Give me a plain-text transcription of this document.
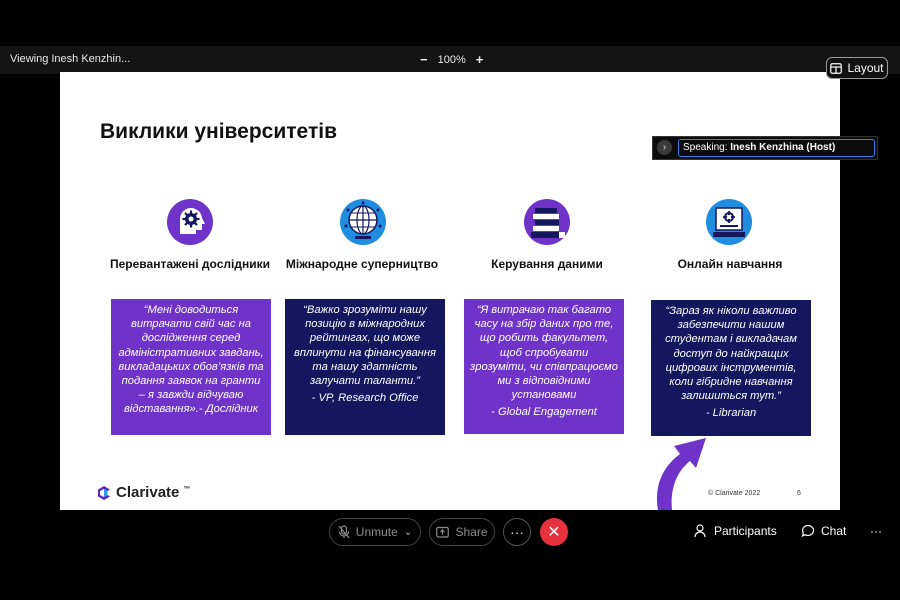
Viewing Inesh Kenzhin...	− 100% +
Виклики університетів
Перевантажені дослідники
“Мені доводиться витрачати свій час на дослідження серед адміністративних завдань, викладацьких обов’язків та подання заявок на гранти – я завжди відчуваю відставання».- Дослідник
Міжнародне суперництво
“Важко зрозуміти нашу позицію в міжнародних рейтингах, що може вплинути на фінансування та нашу здатність залучати таланти.”
- VP, Research Office
Керування даними
“Я витрачаю так багато часу на збір даних про те, що робить факультет, щоб спробувати зрозуміти, чи співпрацюємо ми з відповідними установами
- Global Engagement
Онлайн навчання
“Зараз як ніколи важливо забезпечити нашим студентам і викладачам доступ до найкращих цифрових інструментів, коли гібридне навчання залишиться тут.”
- Librarian
Clarivate ™
© Clarivate 2022	6
Layout
›	Speaking: Inesh Kenzhina (Host)
Unmute ⌄	Share ··· ✕	Participants	Chat ···
